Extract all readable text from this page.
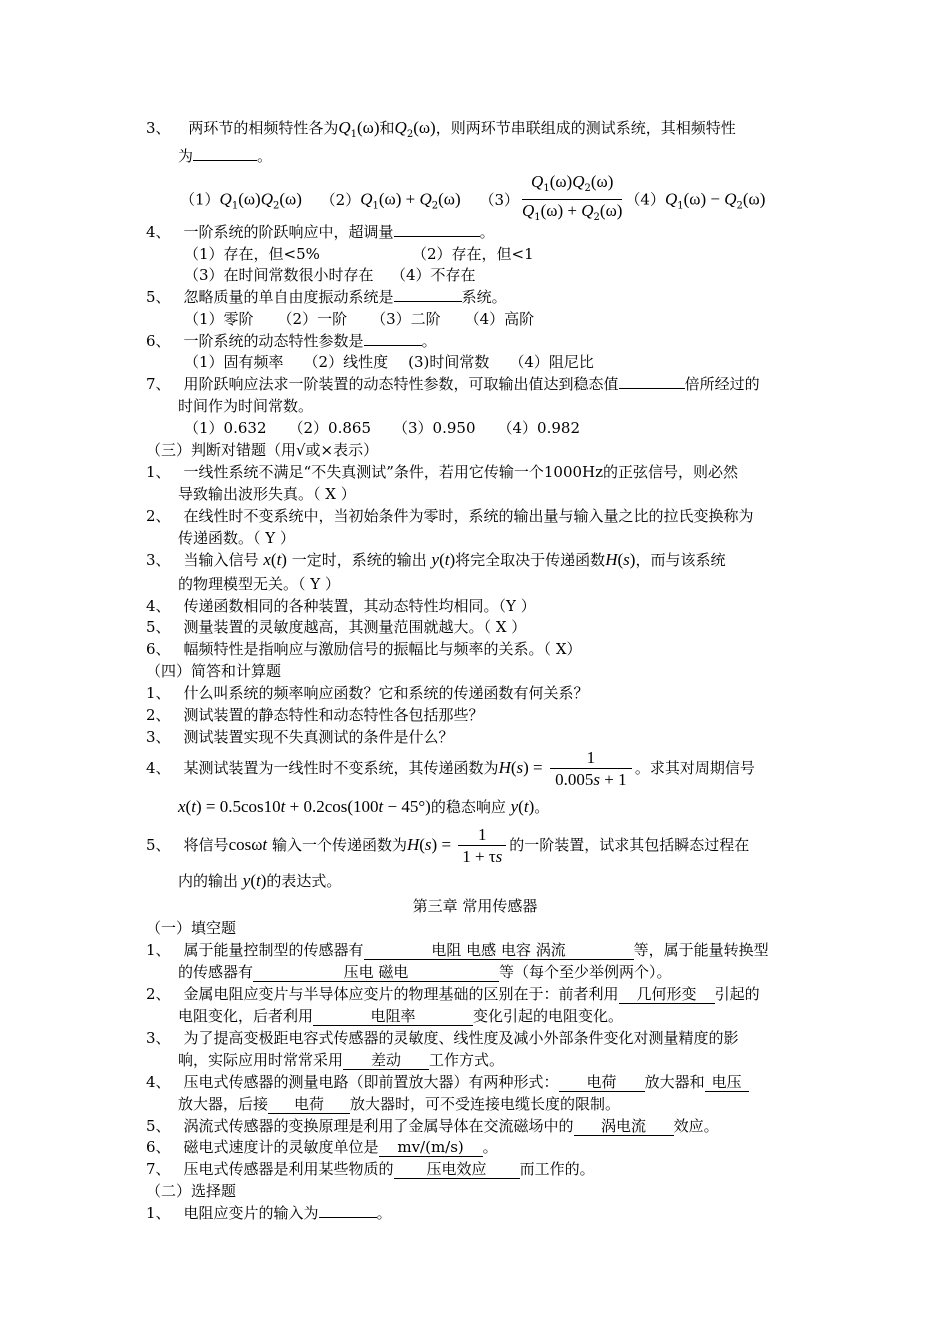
3、 两环节的相频特性各为$Q_1(\omega)$和$Q_2(\omega)$，则两环节串联组成的测试系统，其相频特性
为	。
$(1)Q_1(\omega)Q_2(\omega) (2)Q_1(\omega) + Q_2(\omega)$ $(3) \frac{Q_1(\omega)Q_2(\omega)}{Q_1(\omega) + Q_2(\omega)} (4)Q_1(\omega) - Q_2(\omega)$
4、 一阶系统的阶跃响应中，超调量	。
（1）存在，但<5%	（2）存在，但<1
（3）在时间常数很小时存在 （4）不存在
5、 忽略质量的单自由度振动系统是	系统。
（1）零阶 （2）一阶 （3）二阶 （4）高阶
6、 一阶系统的动态特性参数是	。
（1）固有频率 （2）线性度 (3)时间常数 （4）阻尼比
7、 用阶跃响应法求一阶装置的动态特性参数，可取输出值达到稳态值	倍所经过的
时间作为时间常数。
（1）0.632 （2）0.865 （3）0.950 （4）0.982
（三）判断对错题（用√或×表示）
1、 一线性系统不满足“不失真测试”条件，若用它传输一个1000Hz的正弦信号，则必然
导致输出波形失真。（ X ）
2、 在线性时不变系统中，当初始条件为零时，系统的输出量与输入量之比的拉氏变换称为
传递函数。（ Y ）
3、 当输入信号 x(t) 一定时，系统的输出 y(t)将完全取决于传递函数H(s)，而与该系统
的物理模型无关。（ Y ）
4、 传递函数相同的各种装置，其动态特性均相同。（Y ）
5、 测量装置的灵敏度越高，其测量范围就越大。（ X ）
6、 幅频特性是指响应与激励信号的振幅比与频率的关系。（ X）
（四）简答和计算题
1、 什么叫系统的频率响应函数？它和系统的传递函数有何关系？
2、 测试装置的静态特性和动态特性各包括那些？
3、 测试装置实现不失真测试的条件是什么？
4、 某测试装置为一线性时不变系统，其传递函数为$H(s) = \frac{1}{0.005s + 1}$ 。求其对周期信号
x(t) = 0.5cos10t + 0.2cos(100t − 45°)的稳态响应 y(t)。
5、 将信号cosωt 输入一个传递函数为$H(s) = \frac{1}{1 + \tau s}$ 的一阶装置，试求其包括瞬态过程在
内的输出 y(t)的表达式。
第三章 常用传感器
（一）填空题
1、 属于能量控制型的传感器有	电阻 电感 电容 涡流	等，属于能量转换型
的传感器有	压电 磁电	等（每个至少举例两个）。
2、 金属电阻应变片与半导体应变片的物理基础的区别在于：前者利用 几何形变 引起的
电阻变化，后者利用	电阻率	变化引起的电阻变化。
3、 为了提高变极距电容式传感器的灵敏度、线性度及减小外部条件变化对测量精度的影
响，实际应用时常常采用 差动 工作方式。
4、 压电式传感器的测量电路（即前置放大器）有两种形式： 电荷 放大器和 电压
放大器，后接 电荷 放大器时，可不受连接电缆长度的限制。
5、 涡流式传感器的变换原理是利用了金属导体在交流磁场中的 涡电流 效应。
6、 磁电式速度计的灵敏度单位是 mv/(m/s) 。
7、 压电式传感器是利用某些物质的 压电效应 而工作的。
（二）选择题
1、 电阻应变片的输入为	。
